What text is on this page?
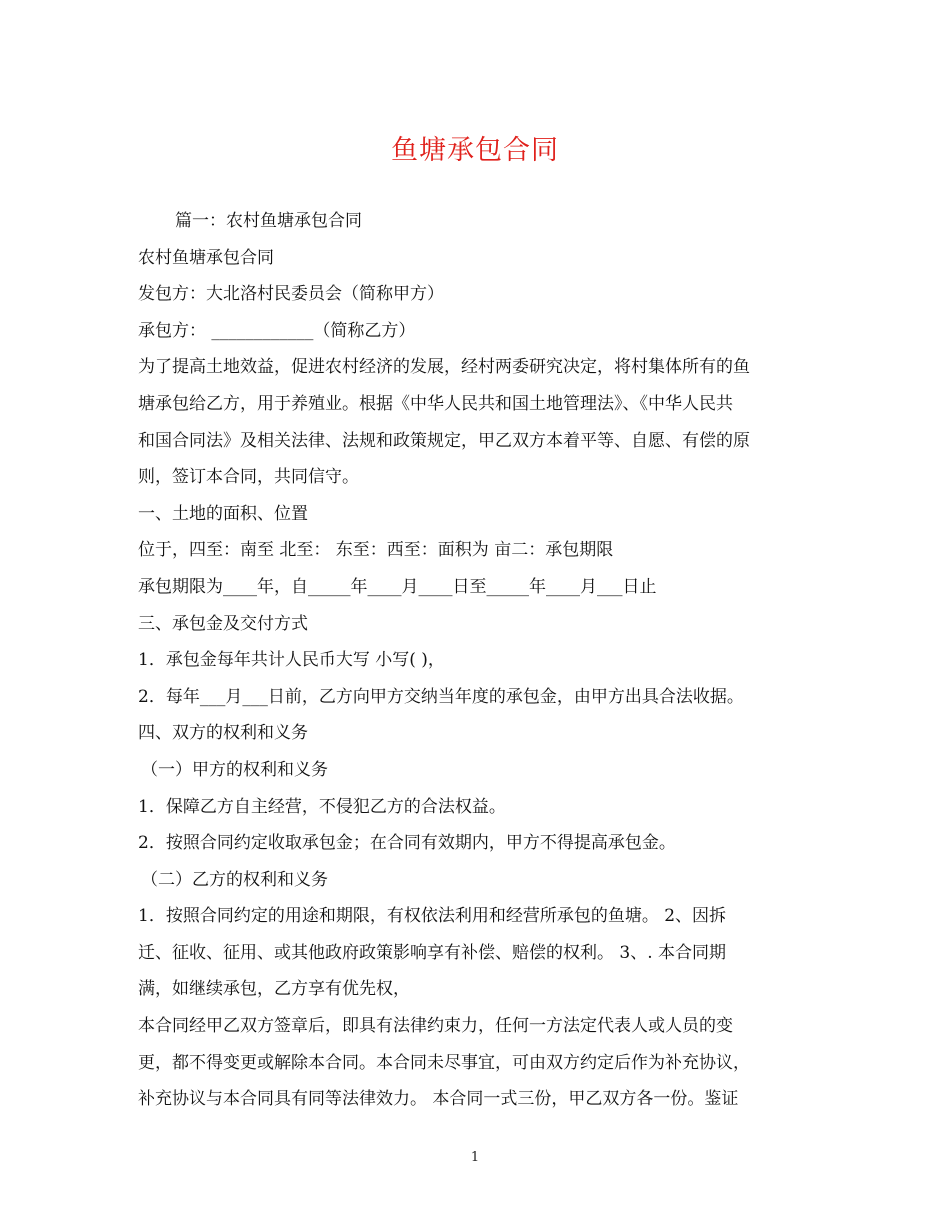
鱼塘承包合同
篇一：农村鱼塘承包合同
农村鱼塘承包合同
发包方：大北洛村民委员会（简称甲方）
承包方： ____________（简称乙方）
为了提高土地效益，促进农村经济的发展，经村两委研究决定，将村集体所有的鱼
塘承包给乙方，用于养殖业。根据《中华人民共和国土地管理法》、《中华人民共
和国合同法》及相关法律、法规和政策规定，甲乙双方本着平等、自愿、有偿的原
则，签订本合同，共同信守。
一、土地的面积、位置
位于，四至：南至 北至： 东至：西至：面积为 亩二：承包期限
承包期限为____年，自_____年____月____日至_____年____月___日止
三、承包金及交付方式
1．承包金每年共计人民币大写 小写( )，
2．每年___月___日前，乙方向甲方交纳当年度的承包金，由甲方出具合法收据。
四、双方的权利和义务
（一）甲方的权利和义务
1．保障乙方自主经营，不侵犯乙方的合法权益。
2．按照合同约定收取承包金；在合同有效期内，甲方不得提高承包金。
（二）乙方的权利和义务
1．按照合同约定的用途和期限，有权依法利用和经营所承包的鱼塘。 2、因拆
迁、征收、征用、或其他政府政策影响享有补偿、赔偿的权利。 3、. 本合同期
满，如继续承包，乙方享有优先权，
本合同经甲乙双方签章后，即具有法律约束力，任何一方法定代表人或人员的变
更，都不得变更或解除本合同。本合同未尽事宜，可由双方约定后作为补充协议，
补充协议与本合同具有同等法律效力。 本合同一式三份，甲乙双方各一份。鉴证
1
